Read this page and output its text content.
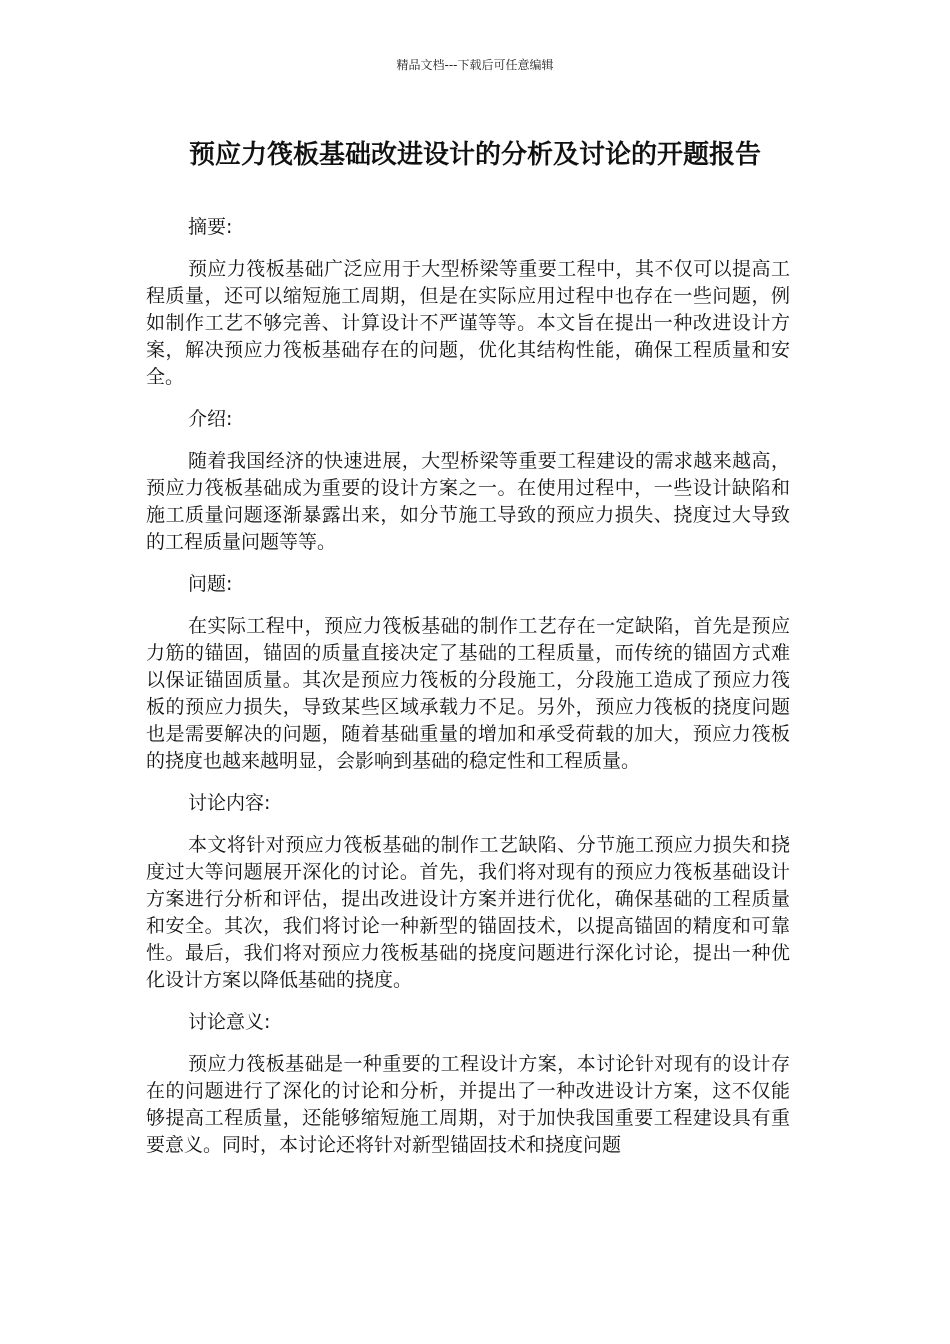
精品文档---下载后可任意编辑
预应力筏板基础改进设计的分析及讨论的开题报告
摘要:
预应力筏板基础广泛应用于大型桥梁等重要工程中，其不仅可以提高工程质量，还可以缩短施工周期，但是在实际应用过程中也存在一些问题，例如制作工艺不够完善、计算设计不严谨等等。本文旨在提出一种改进设计方案，解决预应力筏板基础存在的问题，优化其结构性能，确保工程质量和安全。
介绍:
随着我国经济的快速进展，大型桥梁等重要工程建设的需求越来越高，预应力筏板基础成为重要的设计方案之一。在使用过程中，一些设计缺陷和施工质量问题逐渐暴露出来，如分节施工导致的预应力损失、挠度过大导致的工程质量问题等等。
问题:
在实际工程中，预应力筏板基础的制作工艺存在一定缺陷，首先是预应力筋的锚固，锚固的质量直接决定了基础的工程质量，而传统的锚固方式难以保证锚固质量。其次是预应力筏板的分段施工，分段施工造成了预应力筏板的预应力损失，导致某些区域承载力不足。另外，预应力筏板的挠度问题也是需要解决的问题，随着基础重量的增加和承受荷载的加大，预应力筏板的挠度也越来越明显，会影响到基础的稳定性和工程质量。
讨论内容:
本文将针对预应力筏板基础的制作工艺缺陷、分节施工预应力损失和挠度过大等问题展开深化的讨论。首先，我们将对现有的预应力筏板基础设计方案进行分析和评估，提出改进设计方案并进行优化，确保基础的工程质量和安全。其次，我们将讨论一种新型的锚固技术，以提高锚固的精度和可靠性。最后，我们将对预应力筏板基础的挠度问题进行深化讨论，提出一种优化设计方案以降低基础的挠度。
讨论意义:
预应力筏板基础是一种重要的工程设计方案，本讨论针对现有的设计存在的问题进行了深化的讨论和分析，并提出了一种改进设计方案，这不仅能够提高工程质量，还能够缩短施工周期，对于加快我国重要工程建设具有重要意义。同时，本讨论还将针对新型锚固技术和挠度问题
